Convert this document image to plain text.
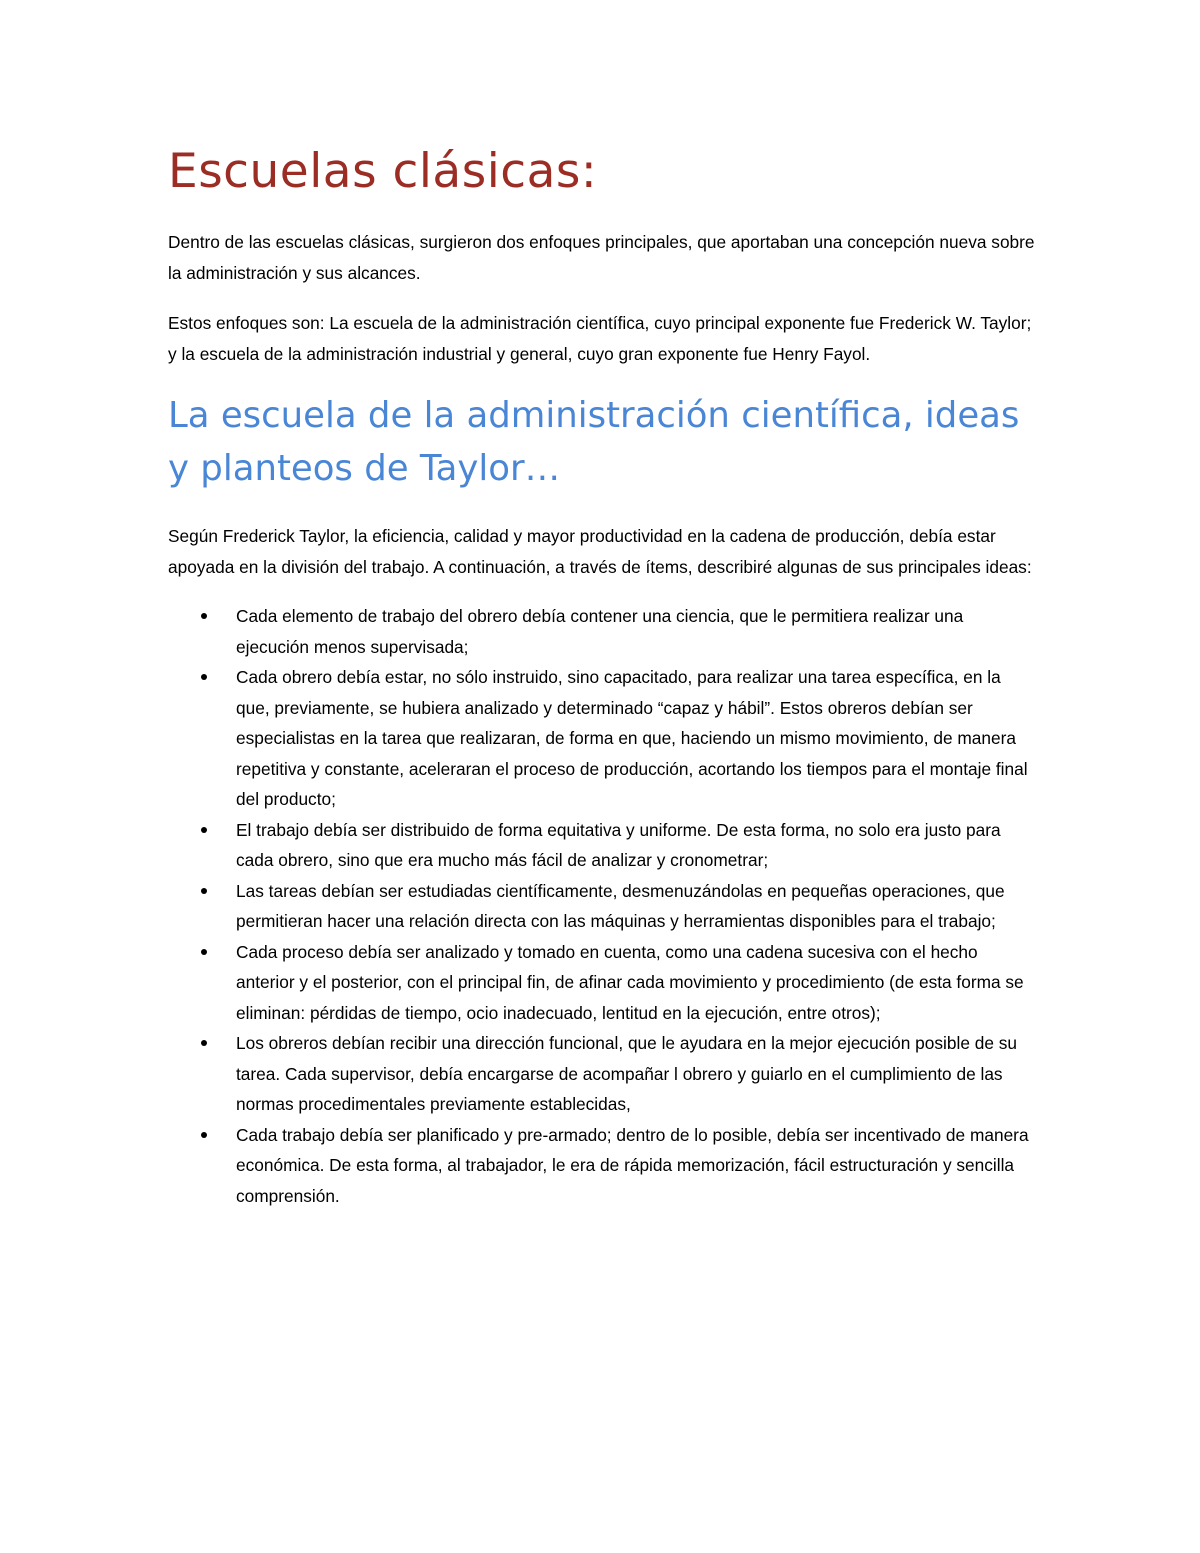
Escuelas clásicas:

Dentro de las escuelas clásicas, surgieron dos enfoques principales, que aportaban una concepción nueva sobre la administración y sus alcances.

Estos enfoques son: La escuela de la administración científica, cuyo principal exponente fue Frederick W. Taylor; y la escuela de la administración industrial y general, cuyo gran exponente fue Henry Fayol.

La escuela de la administración científica, ideas y planteos de Taylor…

Según Frederick Taylor, la eficiencia, calidad y mayor productividad en la cadena de producción, debía estar apoyada en la división del trabajo. A continuación, a través de ítems, describiré algunas de sus principales ideas:

Cada elemento de trabajo del obrero debía contener una ciencia, que le permitiera realizar una ejecución menos supervisada;
Cada obrero debía estar, no sólo instruido, sino capacitado, para realizar una tarea específica, en la que, previamente, se hubiera analizado y determinado “capaz y hábil”. Estos obreros debían ser especialistas en la tarea que realizaran, de forma en que, haciendo un mismo movimiento, de manera repetitiva y constante, aceleraran el proceso de producción, acortando los tiempos para el montaje final del producto;
El trabajo debía ser distribuido de forma equitativa y uniforme. De esta forma, no solo era justo para cada obrero, sino que era mucho más fácil de analizar y cronometrar;
Las tareas debían ser estudiadas científicamente, desmenuzándolas en pequeñas operaciones, que permitieran hacer una relación directa con las máquinas y herramientas disponibles para el trabajo;
Cada proceso debía ser analizado y tomado en cuenta, como una cadena sucesiva con el hecho anterior y el posterior, con el principal fin, de afinar cada movimiento y procedimiento (de esta forma se eliminan: pérdidas de tiempo, ocio inadecuado, lentitud en la ejecución, entre otros);
Los obreros debían recibir una dirección funcional, que le ayudara en la mejor ejecución posible de su tarea. Cada supervisor, debía encargarse de acompañar l obrero y guiarlo en el cumplimiento de las normas procedimentales previamente establecidas,
Cada trabajo debía ser planificado y pre-armado; dentro de lo posible, debía ser incentivado de manera económica. De esta forma, al trabajador, le era de rápida memorización, fácil estructuración y sencilla comprensión.
